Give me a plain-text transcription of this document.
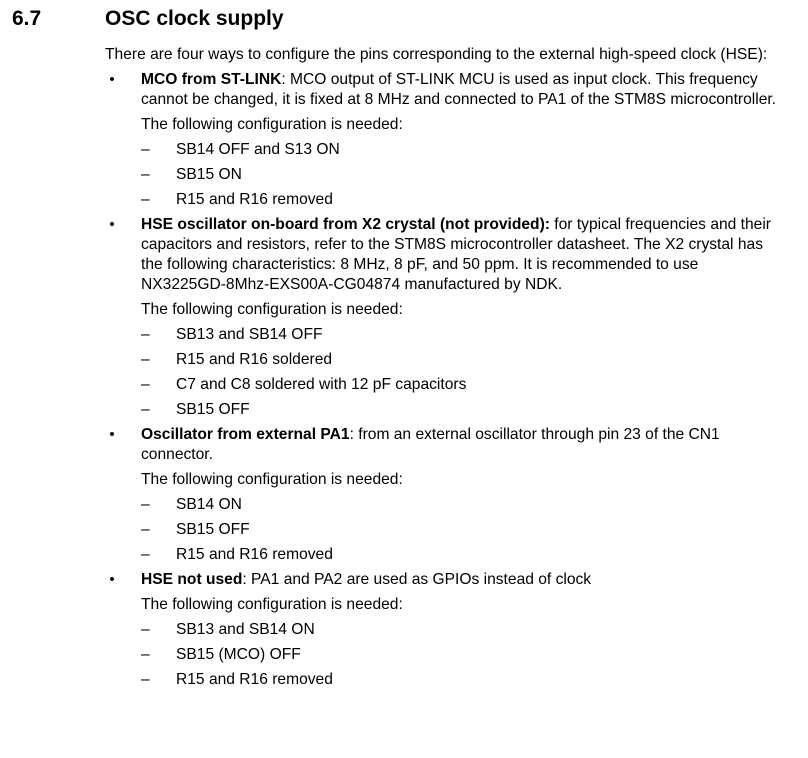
6.7	OSC clock supply

There are four ways to configure the pins corresponding to the external high-speed clock (HSE):

• MCO from ST-LINK: MCO output of ST-LINK MCU is used as input clock. This frequency cannot be changed, it is fixed at 8 MHz and connected to PA1 of the STM8S microcontroller.

The following configuration is needed:

– SB14 OFF and S13 ON
– SB15 ON
– R15 and R16 removed
• HSE oscillator on-board from X2 crystal (not provided): for typical frequencies and their capacitors and resistors, refer to the STM8S microcontroller datasheet. The X2 crystal has the following characteristics: 8 MHz, 8 pF, and 50 ppm. It is recommended to use NX3225GD-8Mhz-EXS00A-CG04874 manufactured by NDK.

The following configuration is needed:

– SB13 and SB14 OFF
– R15 and R16 soldered
– C7 and C8 soldered with 12 pF capacitors
– SB15 OFF
• Oscillator from external PA1: from an external oscillator through pin 23 of the CN1 connector.

The following configuration is needed:

– SB14 ON
– SB15 OFF
– R15 and R16 removed
• HSE not used: PA1 and PA2 are used as GPIOs instead of clock

The following configuration is needed:

– SB13 and SB14 ON
– SB15 (MCO) OFF
– R15 and R16 removed
